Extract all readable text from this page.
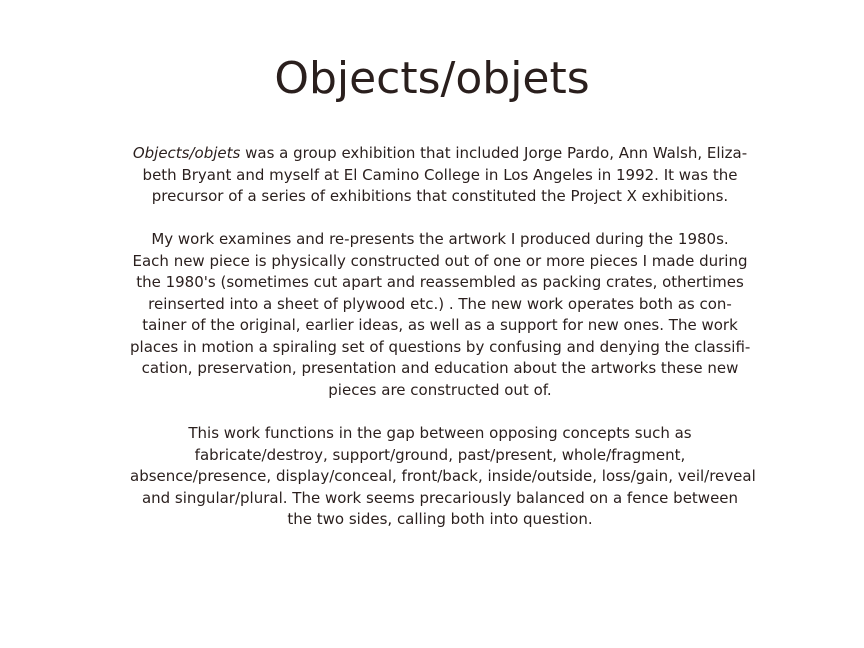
Objects/objets

Objects/objets was a group exhibition that included Jorge Pardo, Ann Walsh, Eliza-
beth Bryant and myself at El Camino College in Los Angeles in 1992. It was the
precursor of a series of exhibitions that constituted the Project X exhibitions.

My work examines and re-presents the artwork I produced during the 1980s.
Each new piece is physically constructed out of one or more pieces I made during
the 1980's (sometimes cut apart and reassembled as packing crates, othertimes
reinserted into a sheet of plywood etc.) . The new work operates both as con-
tainer of the original, earlier ideas, as well as a support for new ones. The work
places in motion a spiraling set of questions by confusing and denying the classifi-
cation, preservation, presentation and education about the artworks these new
pieces are constructed out of.

This work functions in the gap between opposing concepts such as
fabricate/destroy, support/ground, past/present, whole/fragment,
absence/presence, display/conceal, front/back, inside/outside, loss/gain, veil/reveal
and singular/plural. The work seems precariously balanced on a fence between
the two sides, calling both into question.
